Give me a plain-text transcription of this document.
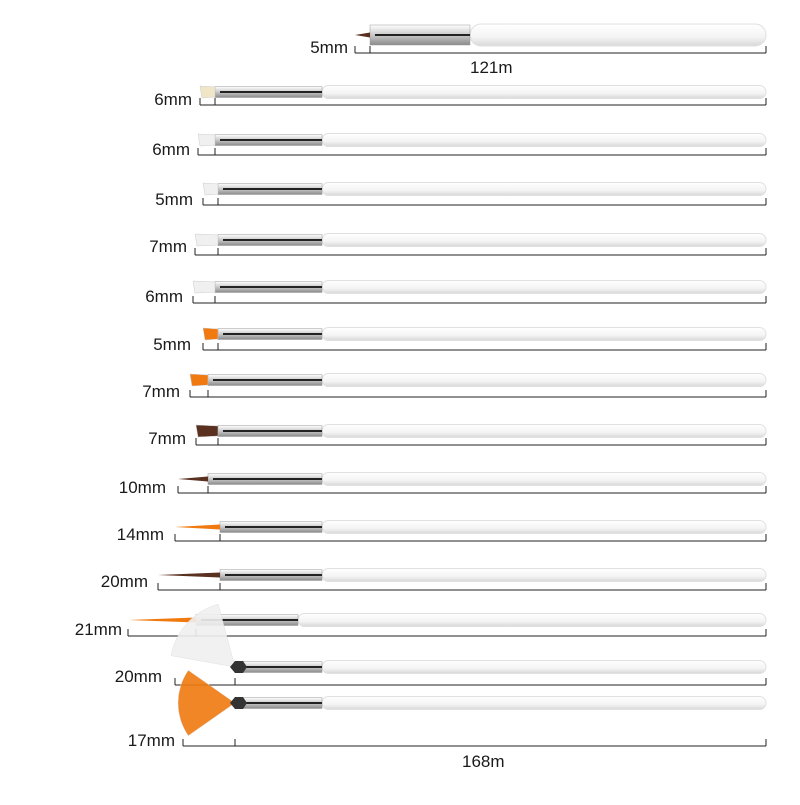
121m
168m
5mm
6mm
6mm
5mm
7mm
6mm
5mm
7mm
7mm
10mm
14mm
20mm
21mm
20mm
17mm
